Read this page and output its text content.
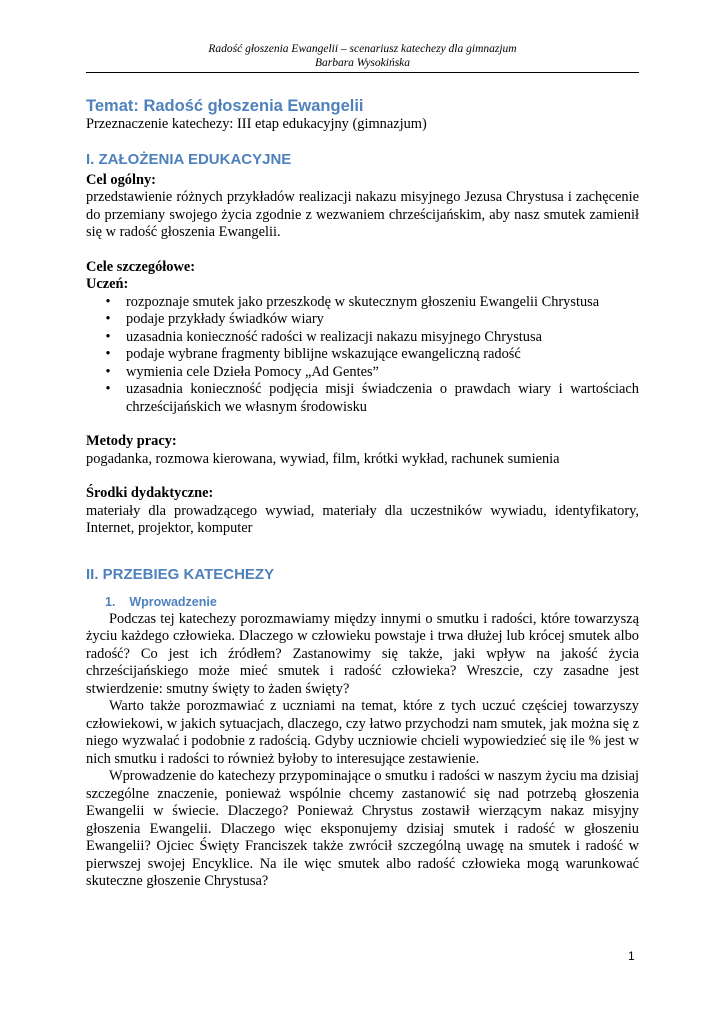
Radość głoszenia Ewangelii – scenariusz katechezy dla gimnazjum
Barbara Wysokińska
Temat: Radość głoszenia Ewangelii

Przeznaczenie katechezy: III etap edukacyjny (gimnazjum)

I. ZAŁOŻENIA EDUKACYJNE

Cel ogólny:

przedstawienie różnych przykładów realizacji nakazu misyjnego Jezusa Chrystusa i zachęcenie do przemiany swojego życia zgodnie z wezwaniem chrześcijańskim, aby nasz smutek zamienił się w radość głoszenia Ewangelii.

Cele szczegółowe:

Uczeń:

• rozpoznaje smutek jako przeszkodę w skutecznym głoszeniu Ewangelii Chrystusa
• podaje przykłady świadków wiary
• uzasadnia konieczność radości w realizacji nakazu misyjnego Chrystusa
• podaje wybrane fragmenty biblijne wskazujące ewangeliczną radość
• wymienia cele Dzieła Pomocy „Ad Gentes”
• uzasadnia konieczność podjęcia misji świadczenia o prawdach wiary i wartościach chrześcijańskich we własnym środowisku

Metody pracy:

pogadanka, rozmowa kierowana, wywiad, film, krótki wykład, rachunek sumienia

Środki dydaktyczne:

materiały dla prowadzącego wywiad, materiały dla uczestników wywiadu, identyfikatory, Internet, projektor, komputer

II. PRZEBIEG KATECHEZY
1.    Wprowadzenie

Podczas tej katechezy porozmawiamy między innymi o smutku i radości, które towarzyszą życiu każdego człowieka. Dlaczego w człowieku powstaje i trwa dłużej lub krócej smutek albo radość? Co jest ich źródłem? Zastanowimy się także, jaki wpływ na jakość życia chrześcijańskiego może mieć smutek i radość człowieka? Wreszcie, czy zasadne jest stwierdzenie: smutny święty to żaden święty?

Warto także porozmawiać z uczniami na temat, które z tych uczuć częściej towarzyszy człowiekowi, w jakich sytuacjach, dlaczego, czy łatwo przychodzi nam smutek, jak można się z niego wyzwalać i podobnie z radością. Gdyby uczniowie chcieli wypowiedzieć się ile % jest w nich smutku i radości to również byłoby to interesujące zestawienie.

Wprowadzenie do katechezy przypominające o smutku i radości w naszym życiu ma dzisiaj szczególne znaczenie, ponieważ wspólnie chcemy zastanowić się nad potrzebą głoszenia Ewangelii w świecie. Dlaczego? Ponieważ Chrystus zostawił wierzącym nakaz misyjny głoszenia Ewangelii. Dlaczego więc eksponujemy dzisiaj smutek i radość w głoszeniu Ewangelii? Ojciec Święty Franciszek także zwrócił szczególną uwagę na smutek i radość w pierwszej swojej Encyklice. Na ile więc smutek albo radość człowieka mogą warunkować skuteczne głoszenie Chrystusa?

1
